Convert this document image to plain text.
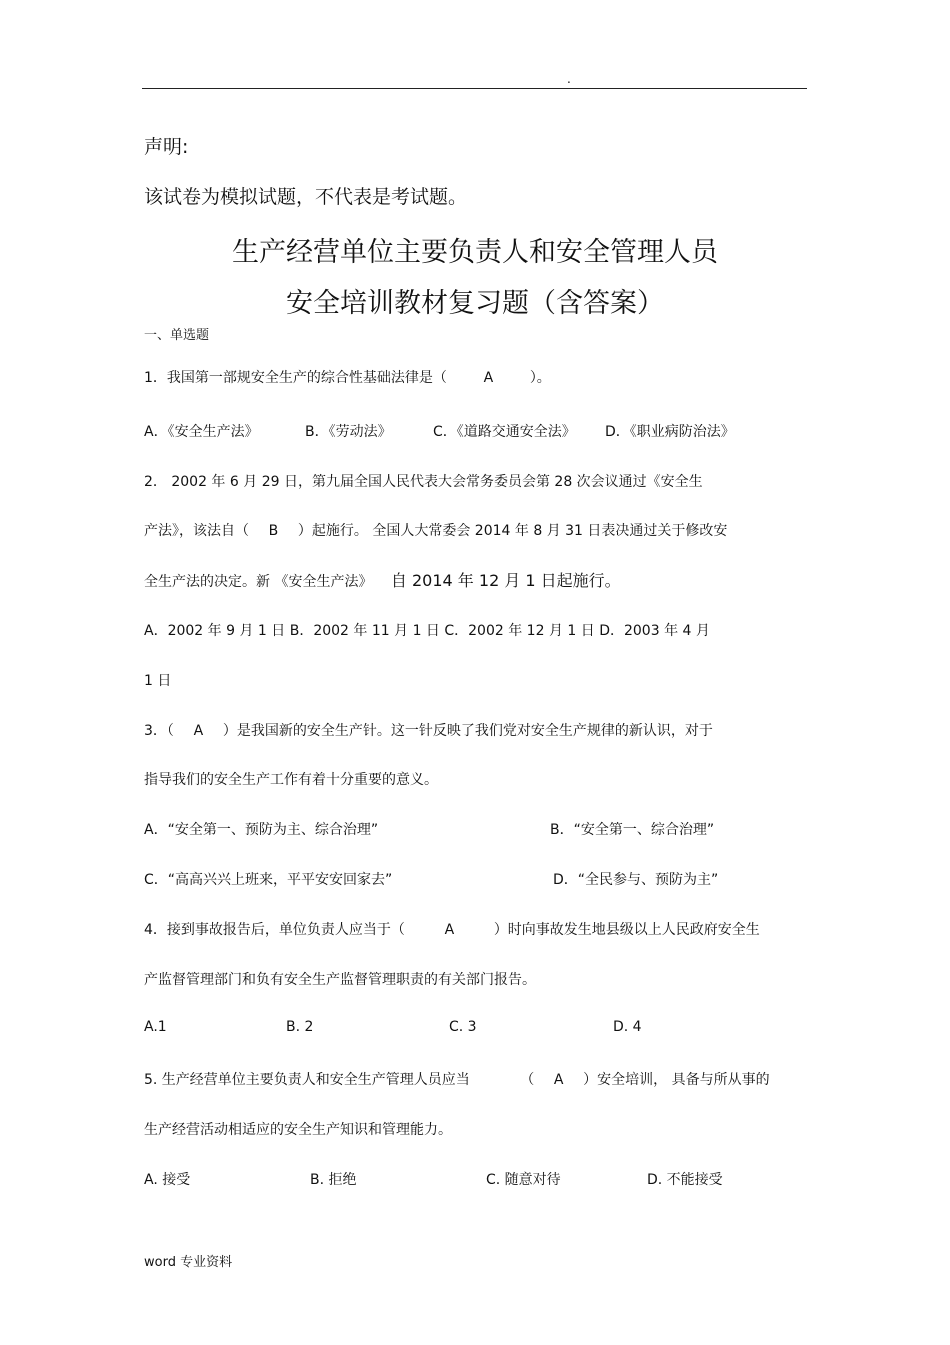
.
声明:
该试卷为模拟试题，不代表是考试题。
生产经营单位主要负责人和安全管理人员
安全培训教材复习题（含答案）
一、单选题
1．我国第一部规安全生产的综合性基础法律是（	A	）。
A．《安全生产法》	B．《劳动法》	C．《道路交通安全法》 D．《职业病防治法》
2． 2002 年 6 月 29 日，第九届全国人民代表大会常务委员会第 28 次会议通过《安全生
产法》，该法自（ B ）起施行。 全国人大常委会 2014 年 8 月 31 日表决通过关于修改安
全生产法的决定。新 《安全生产法》 自 2014 年 12 月 1 日起施行。
A．2002 年 9 月 1 日 B．2002 年 11 月 1 日 C．2002 年 12 月 1 日 D．2003 年 4 月
1 日
3．（ A ）是我国新的安全生产针。这一针反映了我们党对安全生产规律的新认识，对于
指导我们的安全生产工作有着十分重要的意义。
A．“安全第一、预防为主、综合治理”	B．“安全第一、综合治理”
C．“高高兴兴上班来，平平安安回家去”	D．“全民参与、预防为主”
4．接到事故报告后，单位负责人应当于（	A	）时向事故发生地县级以上人民政府安全生
产监督管理部门和负有安全生产监督管理职责的有关部门报告。
A.1	B. 2	C. 3	D. 4
5. 生产经营单位主要负责人和安全生产管理人员应当	（ A ）安全培训， 具备与所从事的
生产经营活动相适应的安全生产知识和管理能力。
A. 接受	B. 拒绝	C. 随意对待	D. 不能接受
word 专业资料
